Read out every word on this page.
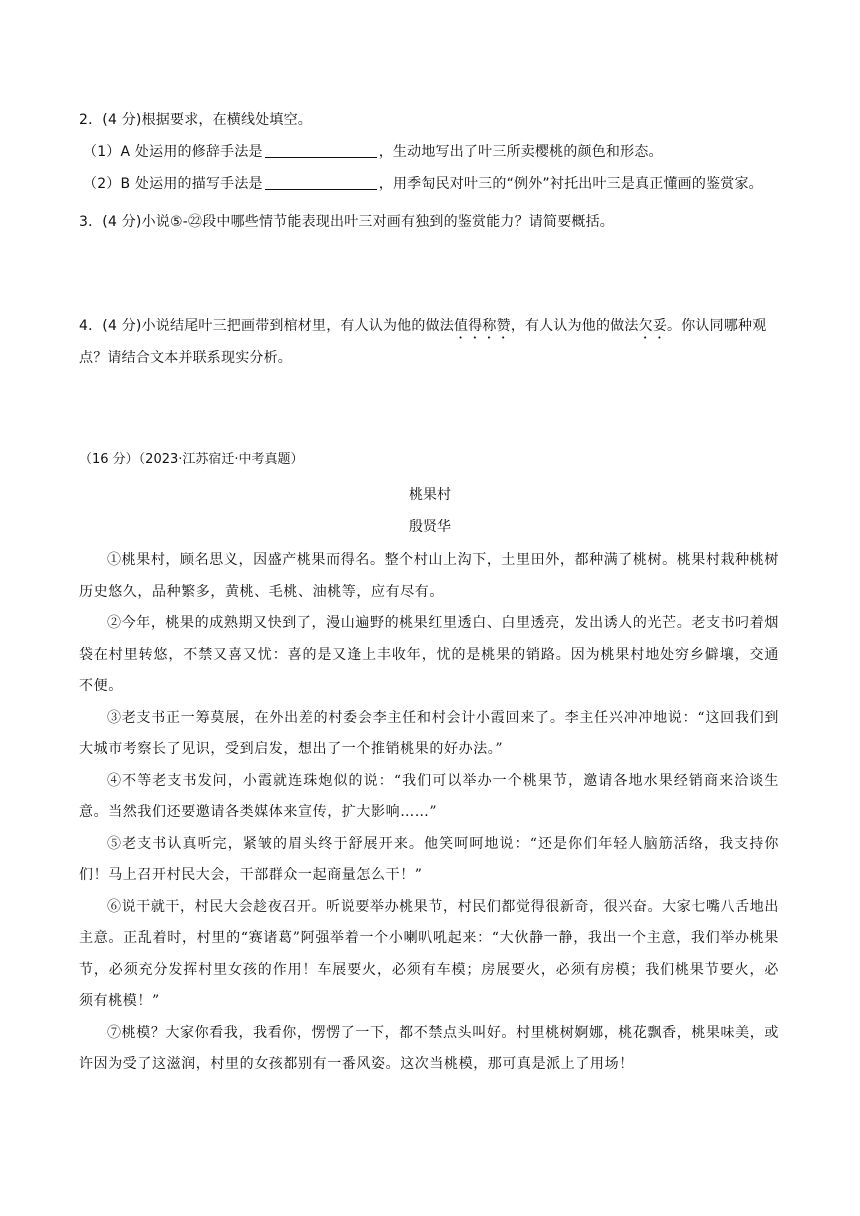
2．(4 分)根据要求，在横线处填空。
（1）A 处运用的修辞手法是	，生动地写出了叶三所卖樱桃的颜色和形态。
（2）B 处运用的描写手法是	，用季匋民对叶三的“例外”衬托出叶三是真正懂画的鉴赏家。
3．(4 分)小说⑤-㉒段中哪些情节能表现出叶三对画有独到的鉴赏能力？请简要概括。
4．(4 分)小说结尾叶三把画带到棺材里，有人认为他的做法值得称赞，有人认为他的做法欠妥。你认同哪种观点？请结合文本并联系现实分析。
（16 分）（2023·江苏宿迁·中考真题）
桃果村
殷贤华

①桃果村，顾名思义，因盛产桃果而得名。整个村山上沟下，土里田外，都种满了桃树。桃果村栽种桃树历史悠久，品种繁多，黄桃、毛桃、油桃等，应有尽有。

②今年，桃果的成熟期又快到了，漫山遍野的桃果红里透白、白里透亮，发出诱人的光芒。老支书叼着烟袋在村里转悠，不禁又喜又忧：喜的是又逢上丰收年，忧的是桃果的销路。因为桃果村地处穷乡僻壤，交通不便。

③老支书正一筹莫展，在外出差的村委会李主任和村会计小霞回来了。李主任兴冲冲地说：“这回我们到大城市考察长了见识，受到启发，想出了一个推销桃果的好办法。”

④不等老支书发问，小霞就连珠炮似的说：“我们可以举办一个桃果节，邀请各地水果经销商来洽谈生意。当然我们还要邀请各类媒体来宣传，扩大影响……”

⑤老支书认真听完，紧皱的眉头终于舒展开来。他笑呵呵地说：“还是你们年轻人脑筋活络，我支持你们！马上召开村民大会，干部群众一起商量怎么干！”

⑥说干就干，村民大会趁夜召开。听说要举办桃果节，村民们都觉得很新奇，很兴奋。大家七嘴八舌地出主意。正乱着时，村里的“赛诸葛”阿强举着一个小喇叭吼起来：“大伙静一静，我出一个主意，我们举办桃果节，必须充分发挥村里女孩的作用！车展要火，必须有车模；房展要火，必须有房模；我们桃果节要火，必须有桃模！”

⑦桃模？大家你看我，我看你，愣愣了一下，都不禁点头叫好。村里桃树婀娜，桃花飘香，桃果味美，或许因为受了这滋润，村里的女孩都别有一番风姿。这次当桃模，那可真是派上了用场！
